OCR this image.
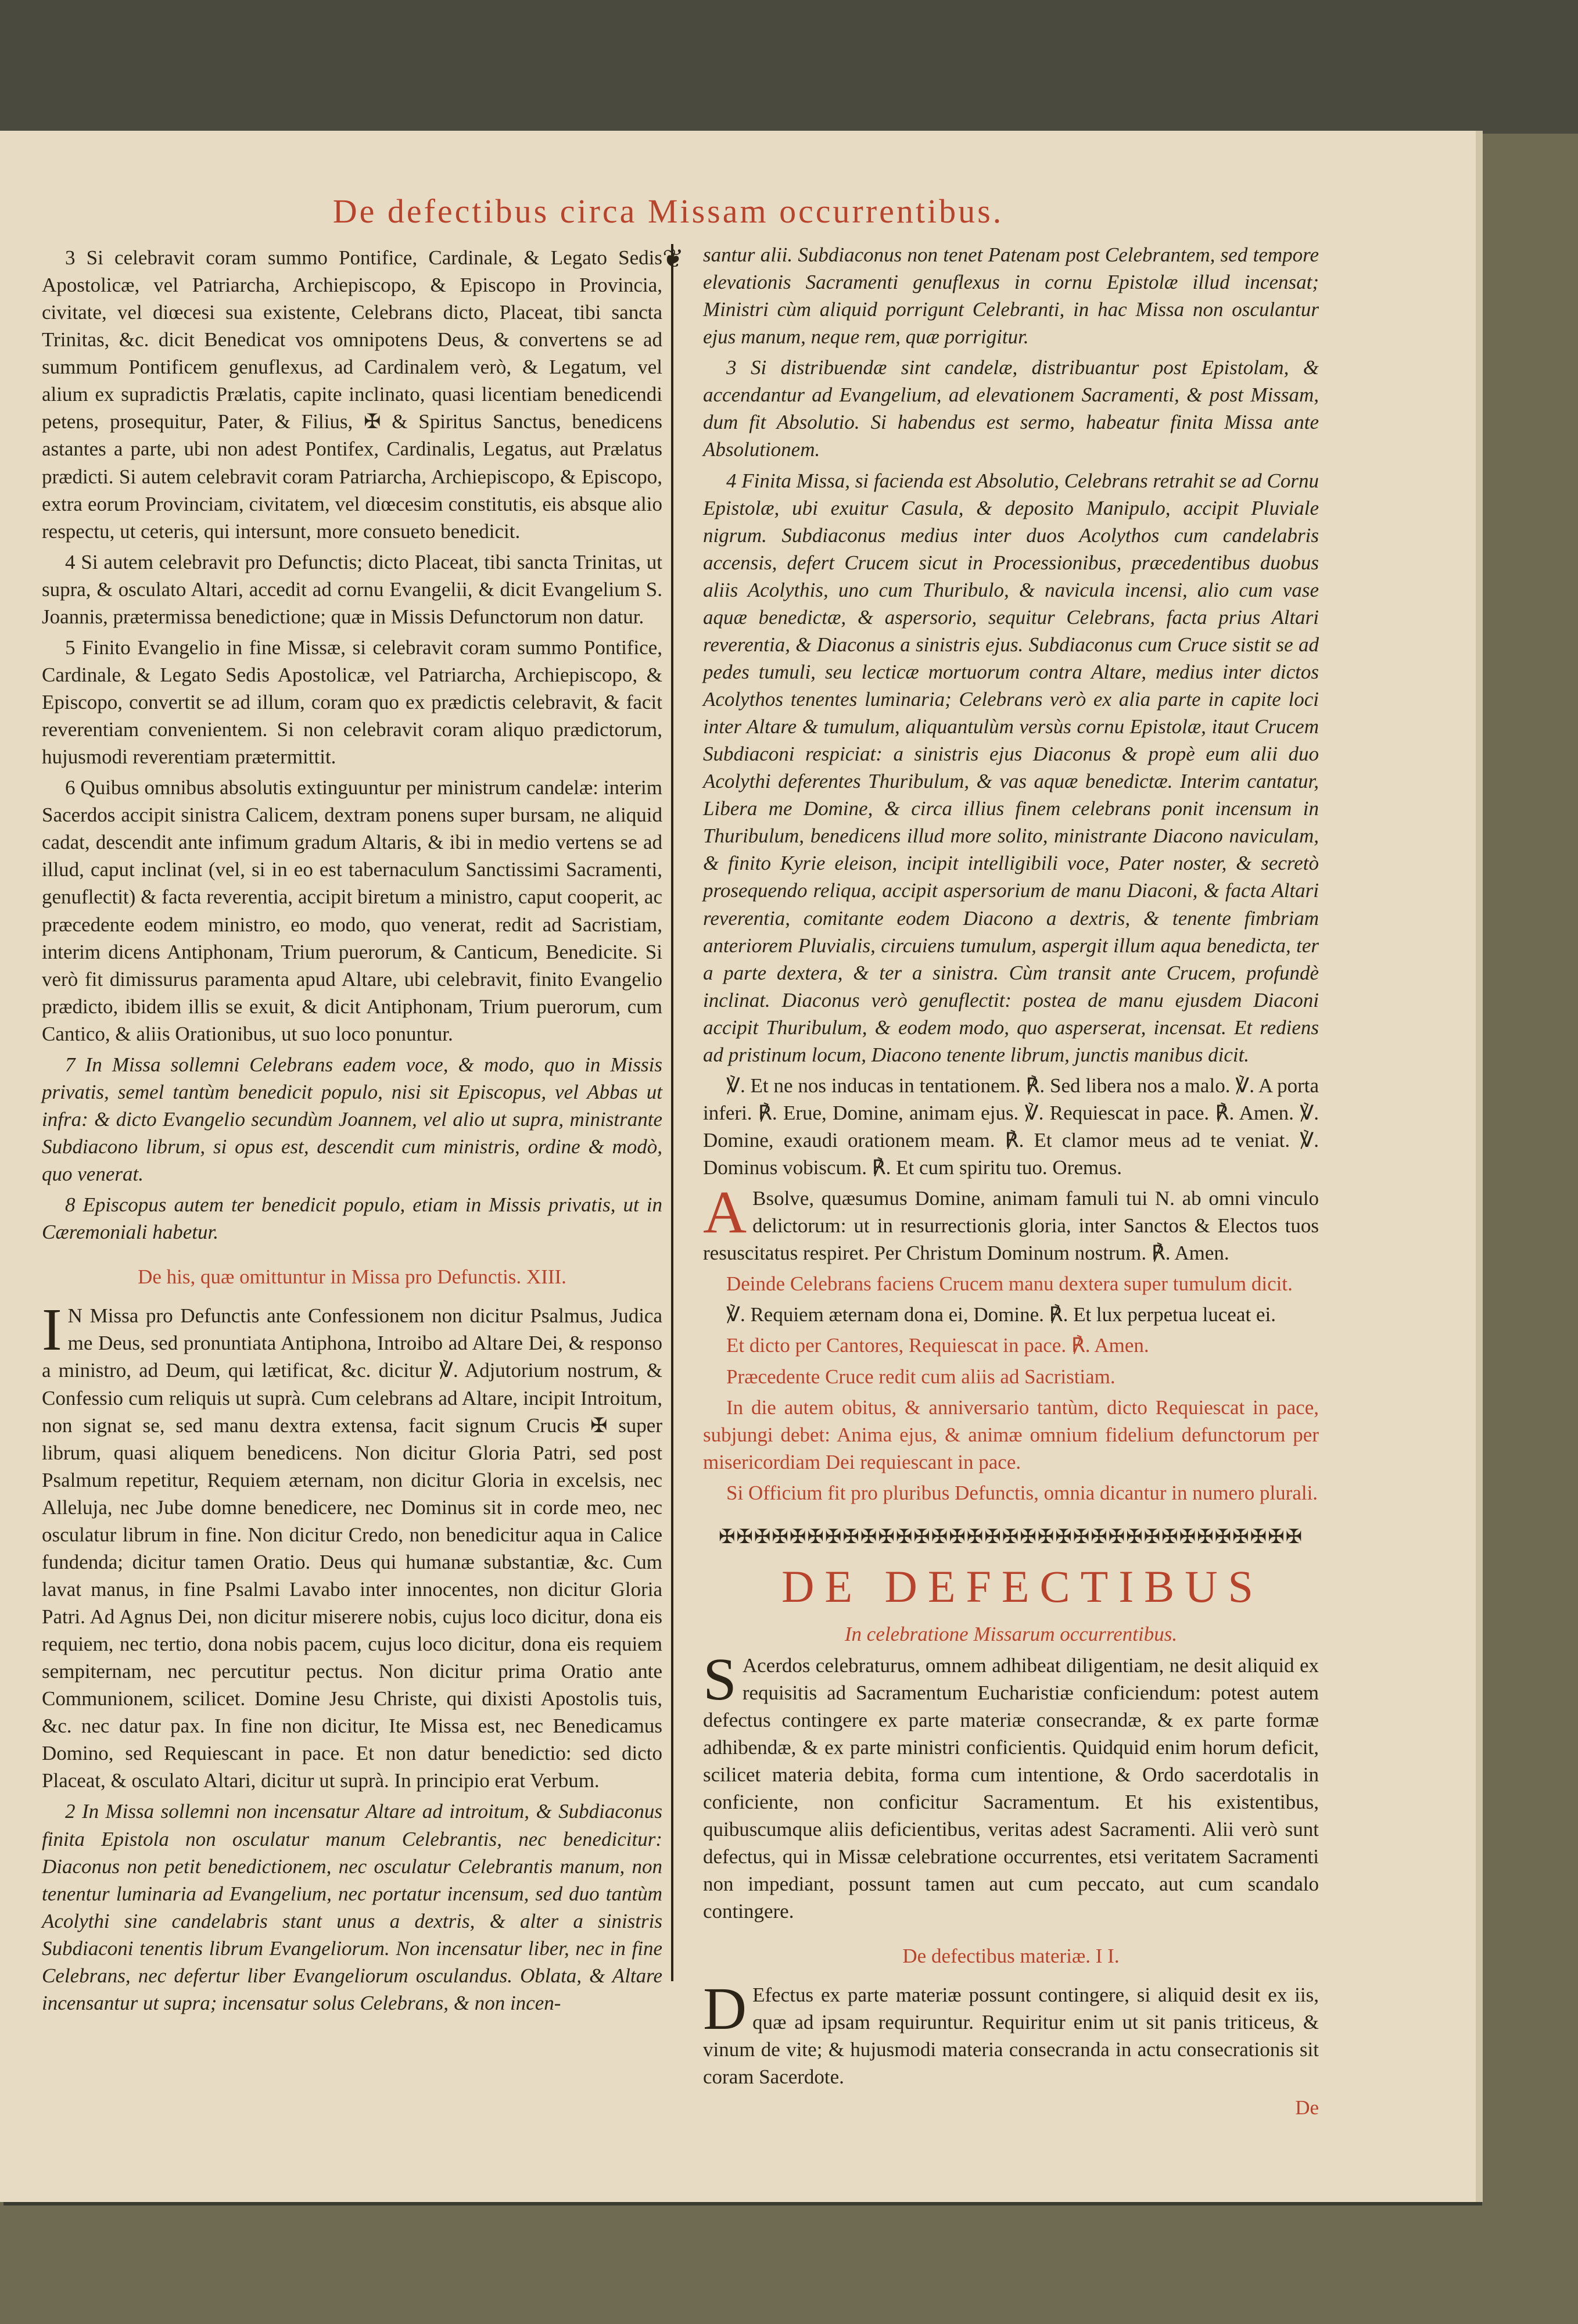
De defectibus circa Missam occurrentibus.
❦

3 Si celebravit coram summo Pontifice, Cardinale, & Legato Sedis Apostolicæ, vel Patriarcha, Archiepiscopo, & Episcopo in Provincia, civitate, vel diœcesi sua existente, Celebrans dicto, Placeat, tibi sancta Trinitas, &c. dicit Benedicat vos omnipotens Deus, & convertens se ad summum Pontificem genuflexus, ad Cardinalem verò, & Legatum, vel alium ex supradictis Prælatis, capite inclinato, quasi licentiam benedicendi petens, prosequitur, Pater, & Filius, ✠ & Spiritus Sanctus, benedicens astantes a parte, ubi non adest Pontifex, Cardinalis, Legatus, aut Prælatus prædicti. Si autem celebravit coram Patriarcha, Archiepiscopo, & Episcopo, extra eorum Provinciam, civitatem, vel diœcesim constitutis, eis absque alio respectu, ut ceteris, qui intersunt, more consueto benedicit.

4 Si autem celebravit pro Defunctis; dicto Placeat, tibi sancta Trinitas, ut supra, & osculato Altari, accedit ad cornu Evangelii, & dicit Evangelium S. Joannis, prætermissa benedictione; quæ in Missis Defunctorum non datur.

5 Finito Evangelio in fine Missæ, si celebravit coram summo Pontifice, Cardinale, & Legato Sedis Apostolicæ, vel Patriarcha, Archiepiscopo, & Episcopo, convertit se ad illum, coram quo ex prædictis celebravit, & facit reverentiam convenientem. Si non celebravit coram aliquo prædictorum, hujusmodi reverentiam prætermittit.

6 Quibus omnibus absolutis extinguuntur per ministrum candelæ: interim Sacerdos accipit sinistra Calicem, dextram ponens super bursam, ne aliquid cadat, descendit ante infimum gradum Altaris, & ibi in medio vertens se ad illud, caput inclinat (vel, si in eo est tabernaculum Sanctissimi Sacramenti, genuflectit) & facta reverentia, accipit biretum a ministro, caput cooperit, ac præcedente eodem ministro, eo modo, quo venerat, redit ad Sacristiam, interim dicens Antiphonam, Trium puerorum, & Canticum, Benedicite. Si verò fit dimissurus paramenta apud Altare, ubi celebravit, finito Evangelio prædicto, ibidem illis se exuit, & dicit Antiphonam, Trium puerorum, cum Cantico, & aliis Orationibus, ut suo loco ponuntur.

7 In Missa sollemni Celebrans eadem voce, & modo, quo in Missis privatis, semel tantùm benedicit populo, nisi sit Episcopus, vel Abbas ut infra: & dicto Evangelio secundùm Joannem, vel alio ut supra, ministrante Subdiacono librum, si opus est, descendit cum ministris, ordine & modò, quo venerat.

8 Episcopus autem ter benedicit populo, etiam in Missis privatis, ut in Cæremoniali habetur.

De his, quæ omittuntur in Missa pro Defunctis. XIII.

I N Missa pro Defunctis ante Confessionem non dicitur Psalmus, Judica me Deus, sed pronuntiata Antiphona, Introibo ad Altare Dei, & responso a ministro, ad Deum, qui lætificat, &c. dicitur ℣. Adjutorium nostrum, & Confessio cum reliquis ut suprà. Cum celebrans ad Altare, incipit Introitum, non signat se, sed manu dextra extensa, facit signum Crucis ✠ super librum, quasi aliquem benedicens. Non dicitur Gloria Patri, sed post Psalmum repetitur, Requiem æternam, non dicitur Gloria in excelsis, nec Alleluja, nec Jube domne benedicere, nec Dominus sit in corde meo, nec osculatur librum in fine. Non dicitur Credo, non benedicitur aqua in Calice fundenda; dicitur tamen Oratio. Deus qui humanæ substantiæ, &c. Cum lavat manus, in fine Psalmi Lavabo inter innocentes, non dicitur Gloria Patri. Ad Agnus Dei, non dicitur miserere nobis, cujus loco dicitur, dona eis requiem, nec tertio, dona nobis pacem, cujus loco dicitur, dona eis requiem sempiternam, nec percutitur pectus. Non dicitur prima Oratio ante Communionem, scilicet. Domine Jesu Christe, qui dixisti Apostolis tuis, &c. nec datur pax. In fine non dicitur, Ite Missa est, nec Benedicamus Domino, sed Requiescant in pace. Et non datur benedictio: sed dicto Placeat, & osculato Altari, dicitur ut suprà. In principio erat Verbum.

2 In Missa sollemni non incensatur Altare ad introitum, & Subdiaconus finita Epistola non osculatur manum Celebrantis, nec benedicitur: Diaconus non petit benedictionem, nec osculatur Celebrantis manum, non tenentur luminaria ad Evangelium, nec portatur incensum, sed duo tantùm Acolythi sine candelabris stant unus a dextris, & alter a sinistris Subdiaconi tenentis librum Evangeliorum. Non incensatur liber, nec in fine Celebrans, nec defertur liber Evangeliorum osculandus. Oblata, & Altare incensantur ut supra; incensatur solus Celebrans, & non incen-

santur alii. Subdiaconus non tenet Patenam post Celebrantem, sed tempore elevationis Sacramenti genuflexus in cornu Epistolæ illud incensat; Ministri cùm aliquid porrigunt Celebranti, in hac Missa non osculantur ejus manum, neque rem, quæ porrigitur.

3 Si distribuendæ sint candelæ, distribuantur post Epistolam, & accendantur ad Evangelium, ad elevationem Sacramenti, & post Missam, dum fit Absolutio. Si habendus est sermo, habeatur finita Missa ante Absolutionem.

4 Finita Missa, si facienda est Absolutio, Celebrans retrahit se ad Cornu Epistolæ, ubi exuitur Casula, & deposito Manipulo, accipit Pluviale nigrum. Subdiaconus medius inter duos Acolythos cum candelabris accensis, defert Crucem sicut in Processionibus, præcedentibus duobus aliis Acolythis, uno cum Thuribulo, & navicula incensi, alio cum vase aquæ benedictæ, & aspersorio, sequitur Celebrans, facta prius Altari reverentia, & Diaconus a sinistris ejus. Subdiaconus cum Cruce sistit se ad pedes tumuli, seu lecticæ mortuorum contra Altare, medius inter dictos Acolythos tenentes luminaria; Celebrans verò ex alia parte in capite loci inter Altare & tumulum, aliquantulùm versùs cornu Epistolæ, itaut Crucem Subdiaconi respiciat: a sinistris ejus Diaconus & propè eum alii duo Acolythi deferentes Thuribulum, & vas aquæ benedictæ. Interim cantatur, Libera me Domine, & circa illius finem celebrans ponit incensum in Thuribulum, benedicens illud more solito, ministrante Diacono naviculam, & finito Kyrie eleison, incipit intelligibili voce, Pater noster, & secretò prosequendo reliqua, accipit aspersorium de manu Diaconi, & facta Altari reverentia, comitante eodem Diacono a dextris, & tenente fimbriam anteriorem Pluvialis, circuiens tumulum, aspergit illum aqua benedicta, ter a parte dextera, & ter a sinistra. Cùm transit ante Crucem, profundè inclinat. Diaconus verò genuflectit: postea de manu ejusdem Diaconi accipit Thuribulum, & eodem modo, quo asperserat, incensat. Et rediens ad pristinum locum, Diacono tenente librum, junctis manibus dicit.

℣. Et ne nos inducas in tentationem. ℟. Sed libera nos a malo. ℣. A porta inferi. ℟. Erue, Domine, animam ejus. ℣. Requiescat in pace. ℟. Amen. ℣. Domine, exaudi orationem meam. ℟. Et clamor meus ad te veniat. ℣. Dominus vobiscum. ℟. Et cum spiritu tuo. Oremus.

A Bsolve, quæsumus Domine, animam famuli tui N. ab omni vinculo delictorum: ut in resurrectionis gloria, inter Sanctos & Electos tuos resuscitatus respiret. Per Christum Dominum nostrum. ℟. Amen.

Deinde Celebrans faciens Crucem manu dextera super tumulum dicit.

℣. Requiem æternam dona ei, Domine. ℟. Et lux perpetua luceat ei.

Et dicto per Cantores, Requiescat in pace. ℟. Amen.

Præcedente Cruce redit cum aliis ad Sacristiam.

In die autem obitus, & anniversario tantùm, dicto Requiescat in pace, subjungi debet: Anima ejus, & animæ omnium fidelium defunctorum per misericordiam Dei requiescant in pace.

Si Officium fit pro pluribus Defunctis, omnia dicantur in numero plurali.

✠✠✠✠✠✠✠✠✠✠✠✠✠✠✠✠✠✠✠✠✠✠✠✠✠✠✠✠✠✠✠✠✠

DE DEFECTIBUS

In celebratione Missarum occurrentibus.

S Acerdos celebraturus, omnem adhibeat diligentiam, ne desit aliquid ex requisitis ad Sacramentum Eucharistiæ conficiendum: potest autem defectus contingere ex parte materiæ consecrandæ, & ex parte formæ adhibendæ, & ex parte ministri conficientis. Quidquid enim horum deficit, scilicet materia debita, forma cum intentione, & Ordo sacerdotalis in conficiente, non conficitur Sacramentum. Et his existentibus, quibuscumque aliis deficientibus, veritas adest Sacramenti. Alii verò sunt defectus, qui in Missæ celebratione occurrentes, etsi veritatem Sacramenti non impediant, possunt tamen aut cum peccato, aut cum scandalo contingere.

De defectibus materiæ. I I.

D Efectus ex parte materiæ possunt contingere, si aliquid desit ex iis, quæ ad ipsam requiruntur. Requiritur enim ut sit panis triticeus, & vinum de vite; & hujusmodi materia consecranda in actu consecrationis sit coram Sacerdote.

De
